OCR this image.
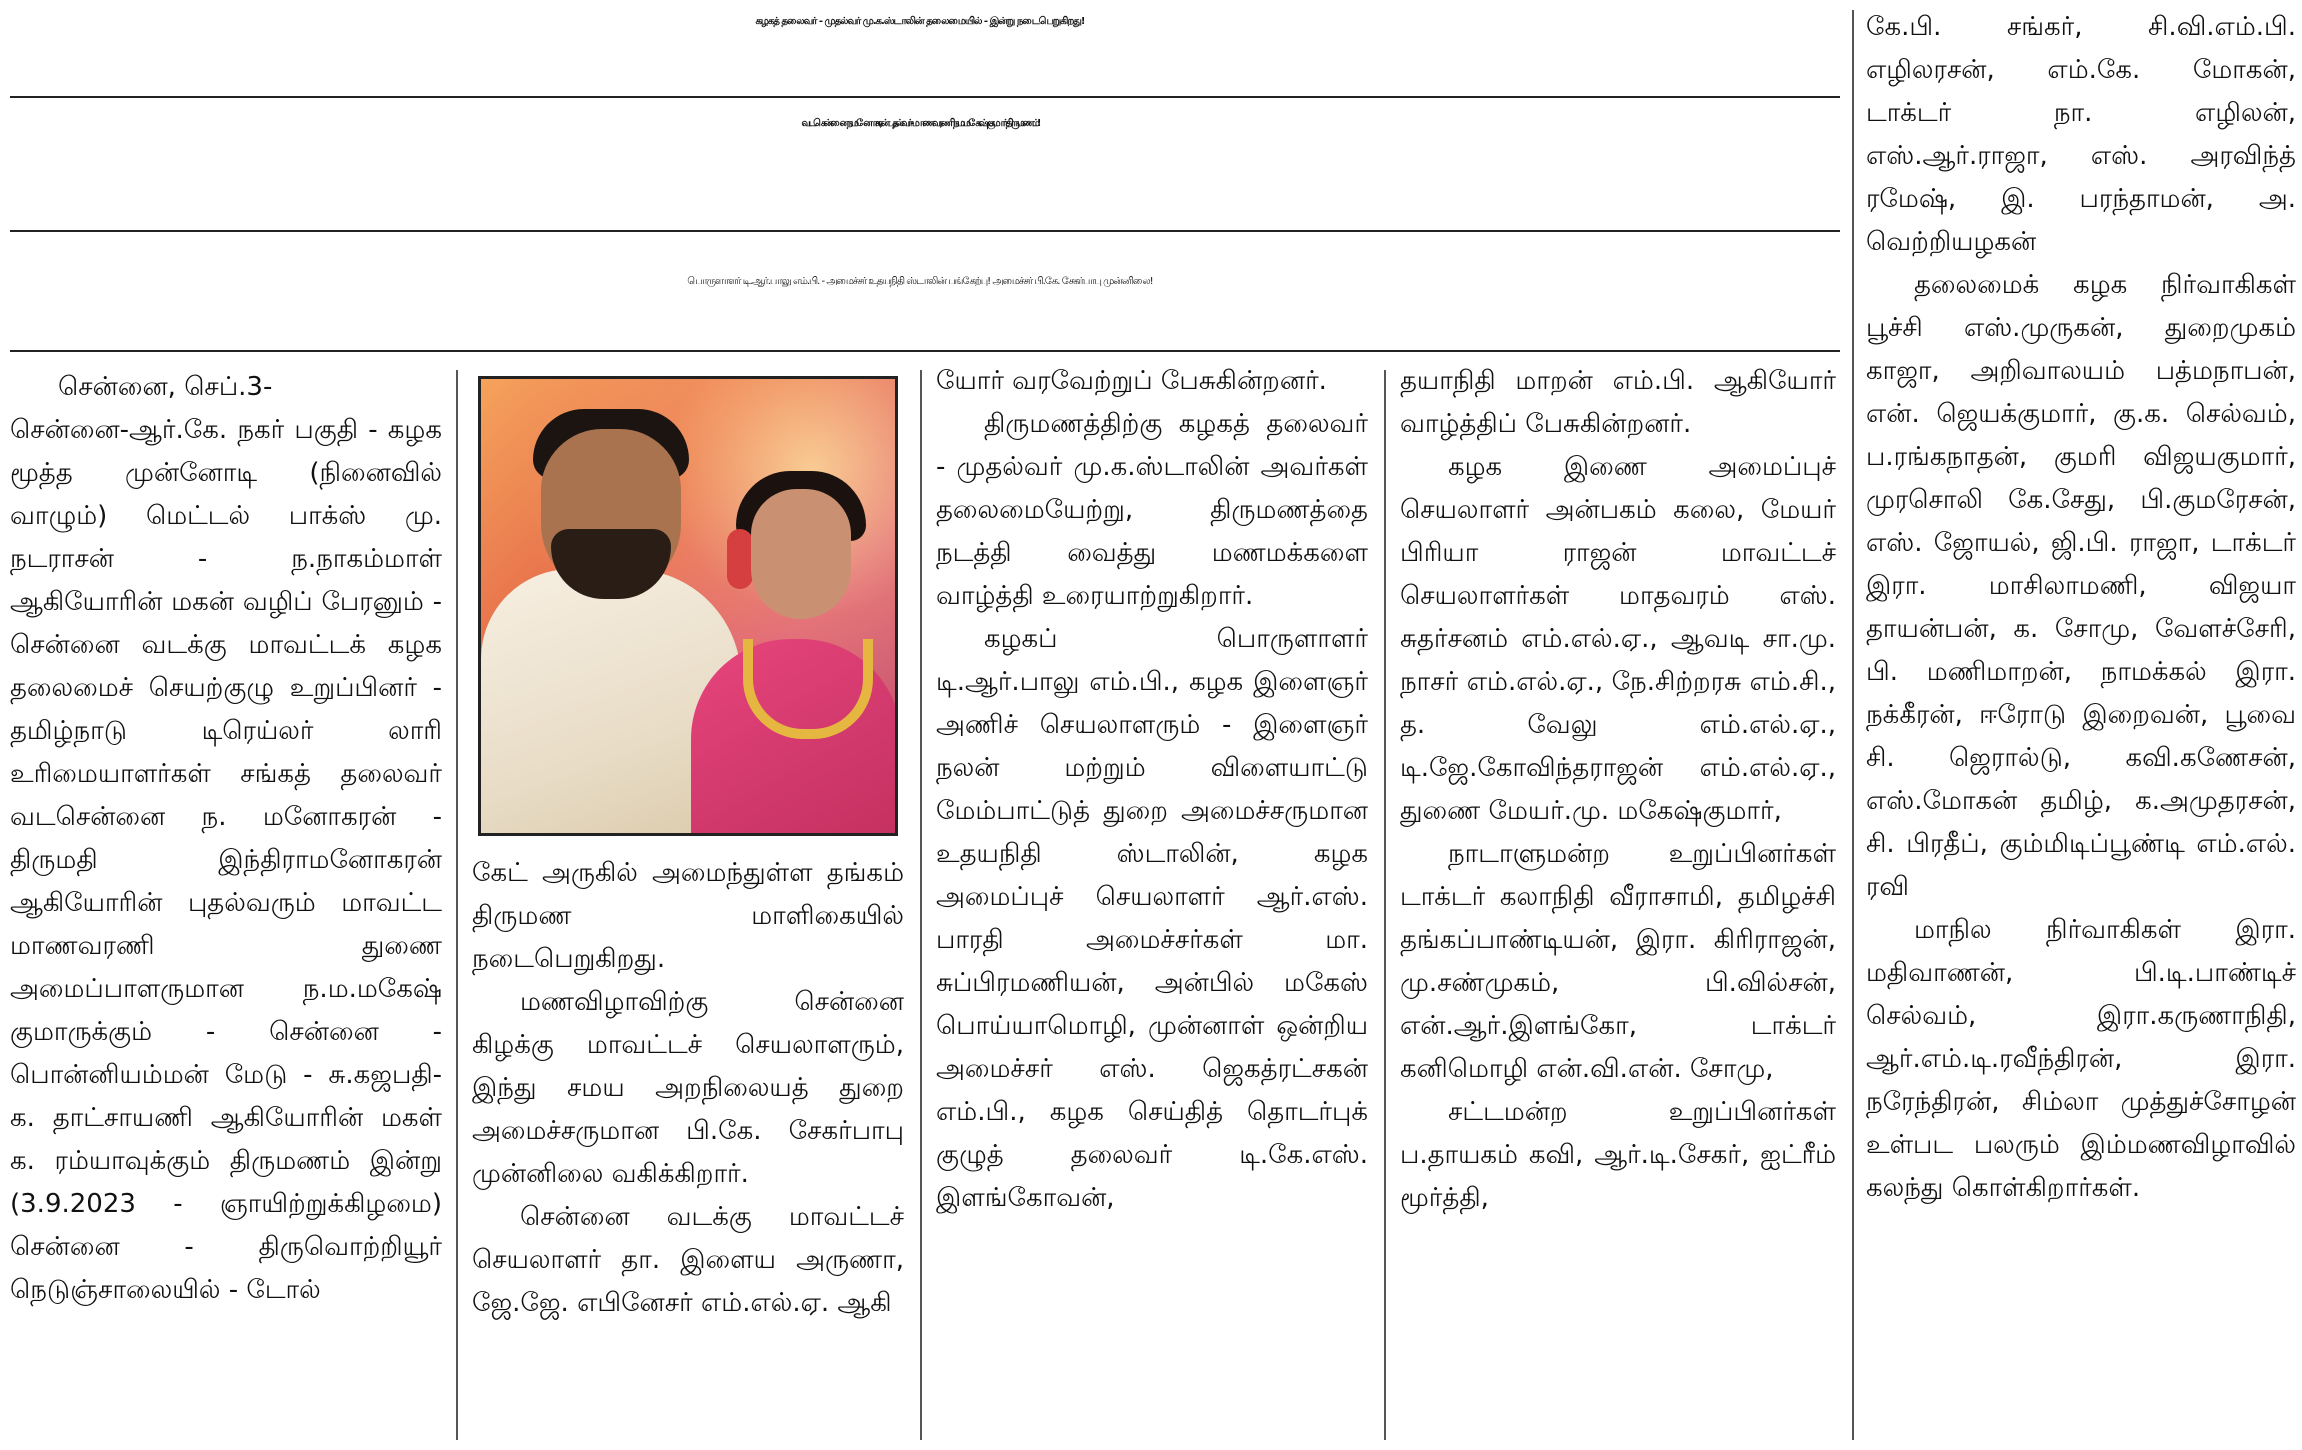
கழகத் தலைவர் - முதல்வர் மு.க.ஸ்டாலின் தலைமையில் - இன்று நடைபெறுகிறது!
வடசென்னை ந.மனோகரன் புதல்வர் - மாணவரணி ந.ம.மகேஷ்குமார் திருமணம்!
பொருளாளர் டி.ஆர்.பாலு எம்.பி. - அமைச்சர் உதயநிதி ஸ்டாலின் பங்கேற்பு! அமைச்சர் பி.கே. சேகர்பாபு முன்னிலை!

சென்னை, செப்.3-

சென்னை-ஆர்.கே. நகர் பகுதி - கழக மூத்த முன்னோடி (நினைவில் வாழும்) மெட்டல் பாக்ஸ் மு. நடராசன் - ந.நாகம்மாள் ஆகியோரின் மகன் வழிப் பேரனும் - சென்னை வடக்கு மாவட்டக் கழக தலைமைச் செயற்குழு உறுப்பினர் - தமிழ்நாடு டிரெய்லர் லாரி உரிமையாளர்கள் சங்கத் தலைவர் வடசென்னை ந. மனோகரன் - திருமதி இந்திராமனோகரன் ஆகியோரின் புதல்வரும் மாவட்ட மாணவரணி துணை அமைப்பாளருமான ந.ம.மகேஷ் குமாருக்கும் - சென்னை - பொன்னியம்மன் மேடு - சு.கஜபதி-க. தாட்சாயணி ஆகியோரின் மகள் க. ரம்யாவுக்கும் திருமணம் இன்று (3.9.2023 - ஞாயிற்றுக்கிழமை) சென்னை - திருவொற்றியூர் நெடுஞ்சாலையில் - டோல்

கேட் அருகில் அமைந்துள்ள தங்கம் திருமண மாளிகையில் நடைபெறுகிறது.

மணவிழாவிற்கு சென்னை கிழக்கு மாவட்டச் செயலாளரும், இந்து சமய அறநிலையத் துறை அமைச்சருமான பி.கே. சேகர்பாபு முன்னிலை வகிக்கிறார்.

சென்னை வடக்கு மாவட்டச் செயலாளர் தா. இளைய அருணா, ஜே.ஜே. எபினேசர் எம்.எல்.ஏ. ஆகி

யோர் வரவேற்றுப் பேசுகின்றனர்.

திருமணத்திற்கு கழகத் தலைவர் - முதல்வர் மு.க.ஸ்டாலின் அவர்கள் தலைமையேற்று, திருமணத்தை நடத்தி வைத்து மணமக்களை வாழ்த்தி உரையாற்றுகிறார்.

கழகப் பொருளாளர் டி.ஆர்.பாலு எம்.பி., கழக இளைஞர் அணிச் செயலாளரும் - இளைஞர் நலன் மற்றும் விளையாட்டு மேம்பாட்டுத் துறை அமைச்சருமான உதயநிதி ஸ்டாலின், கழக அமைப்புச் செயலாளர் ஆர்.எஸ். பாரதி அமைச்சர்கள் மா. சுப்பிரமணியன், அன்பில் மகேஸ் பொய்யாமொழி, முன்னாள் ஒன்றிய அமைச்சர் எஸ். ஜெகத்ரட்சகன் எம்.பி., கழக செய்தித் தொடர்புக் குழுத் தலைவர் டி.கே.எஸ். இளங்கோவன்,

தயாநிதி மாறன் எம்.பி. ஆகியோர் வாழ்த்திப் பேசுகின்றனர்.

கழக இணை அமைப்புச் செயலாளர் அன்பகம் கலை, மேயர் பிரியா ராஜன் மாவட்டச் செயலாளர்கள் மாதவரம் எஸ். சுதர்சனம் எம்.எல்.ஏ., ஆவடி சா.மு. நாசர் எம்.எல்.ஏ., நே.சிற்றரசு எம்.சி., த. வேலு எம்.எல்.ஏ., டி.ஜே.கோவிந்தராஜன் எம்.எல்.ஏ., துணை மேயர்.மு. மகேஷ்குமார்,

நாடாளுமன்ற உறுப்பினர்கள் டாக்டர் கலாநிதி வீராசாமி, தமிழச்சி தங்கப்பாண்டியன், இரா. கிரிராஜன், மு.சண்முகம், பி.வில்சன், என்.ஆர்.இளங்கோ, டாக்டர் கனிமொழி என்.வி.என். சோமு,

சட்டமன்ற உறுப்பினர்கள் ப.தாயகம் கவி, ஆர்.டி.சேகர், ஐட்ரீம் மூர்த்தி,

கே.பி. சங்கர், சி.வி.எம்.பி. எழிலரசன், எம்.கே. மோகன், டாக்டர் நா. எழிலன், எஸ்.ஆர்.ராஜா, எஸ். அரவிந்த் ரமேஷ், இ. பரந்தாமன், அ. வெற்றியழகன்

தலைமைக் கழக நிர்வாகிகள் பூச்சி எஸ்.முருகன், துறைமுகம் காஜா, அறிவாலயம் பத்மநாபன், என். ஜெயக்குமார், கு.க. செல்வம், ப.ரங்கநாதன், குமரி விஜயகுமார், முரசொலி கே.சேது, பி.குமரேசன், எஸ். ஜோயல், ஜி.பி. ராஜா, டாக்டர் இரா. மாசிலாமணி, விஜயா தாயன்பன், க. சோமு, வேளச்சேரி, பி. மணிமாறன், நாமக்கல் இரா. நக்கீரன், ஈரோடு இறைவன், பூவை சி. ஜெரால்டு, கவி.கணேசன், எஸ்.மோகன் தமிழ், க.அமுதரசன், சி. பிரதீப், கும்மிடிப்பூண்டி எம்.எல். ரவி

மாநில நிர்வாகிகள் இரா. மதிவாணன், பி.டி.பாண்டிச் செல்வம், இரா.கருணாநிதி, ஆர்.எம்.டி.ரவீந்திரன், இரா. நரேந்திரன், சிம்லா முத்துச்சோழன் உள்பட பலரும் இம்மணவிழாவில் கலந்து கொள்கிறார்கள்.
